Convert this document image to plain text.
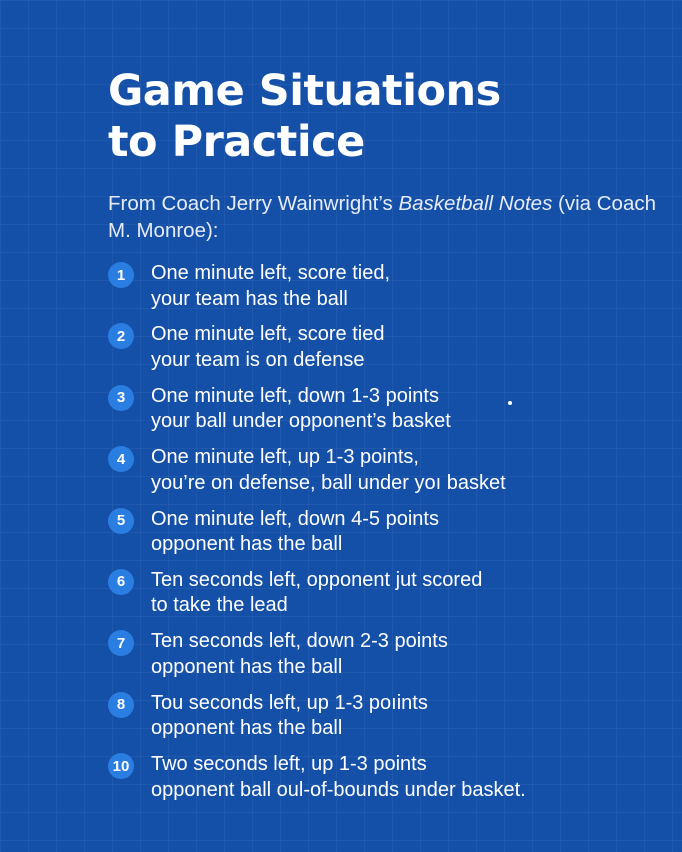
Game Situations
to Practice

From Coach Jerry Wainwright’s Basketball Notes (via Coach M. Monroe):

1	One minute left, score tied,
your team has the ball
2	One minute left, score tied
your team is on defense
3	One minute left, down 1-3 points
your ball under opponent’s basket
4	One minute left, up 1-3 points,
you’re on defense, ball under yoı basket
5	One minute left, down 4-5 points
opponent has the ball
6	Ten seconds left, opponent jut scored
to take the lead
7	Ten seconds left, down 2-3 points
opponent has the ball
8	Tou seconds left, up 1-3 poıints
opponent has the ball
10 Two seconds left, up 1-3 points
opponent ball oul-of-bounds under basket.
